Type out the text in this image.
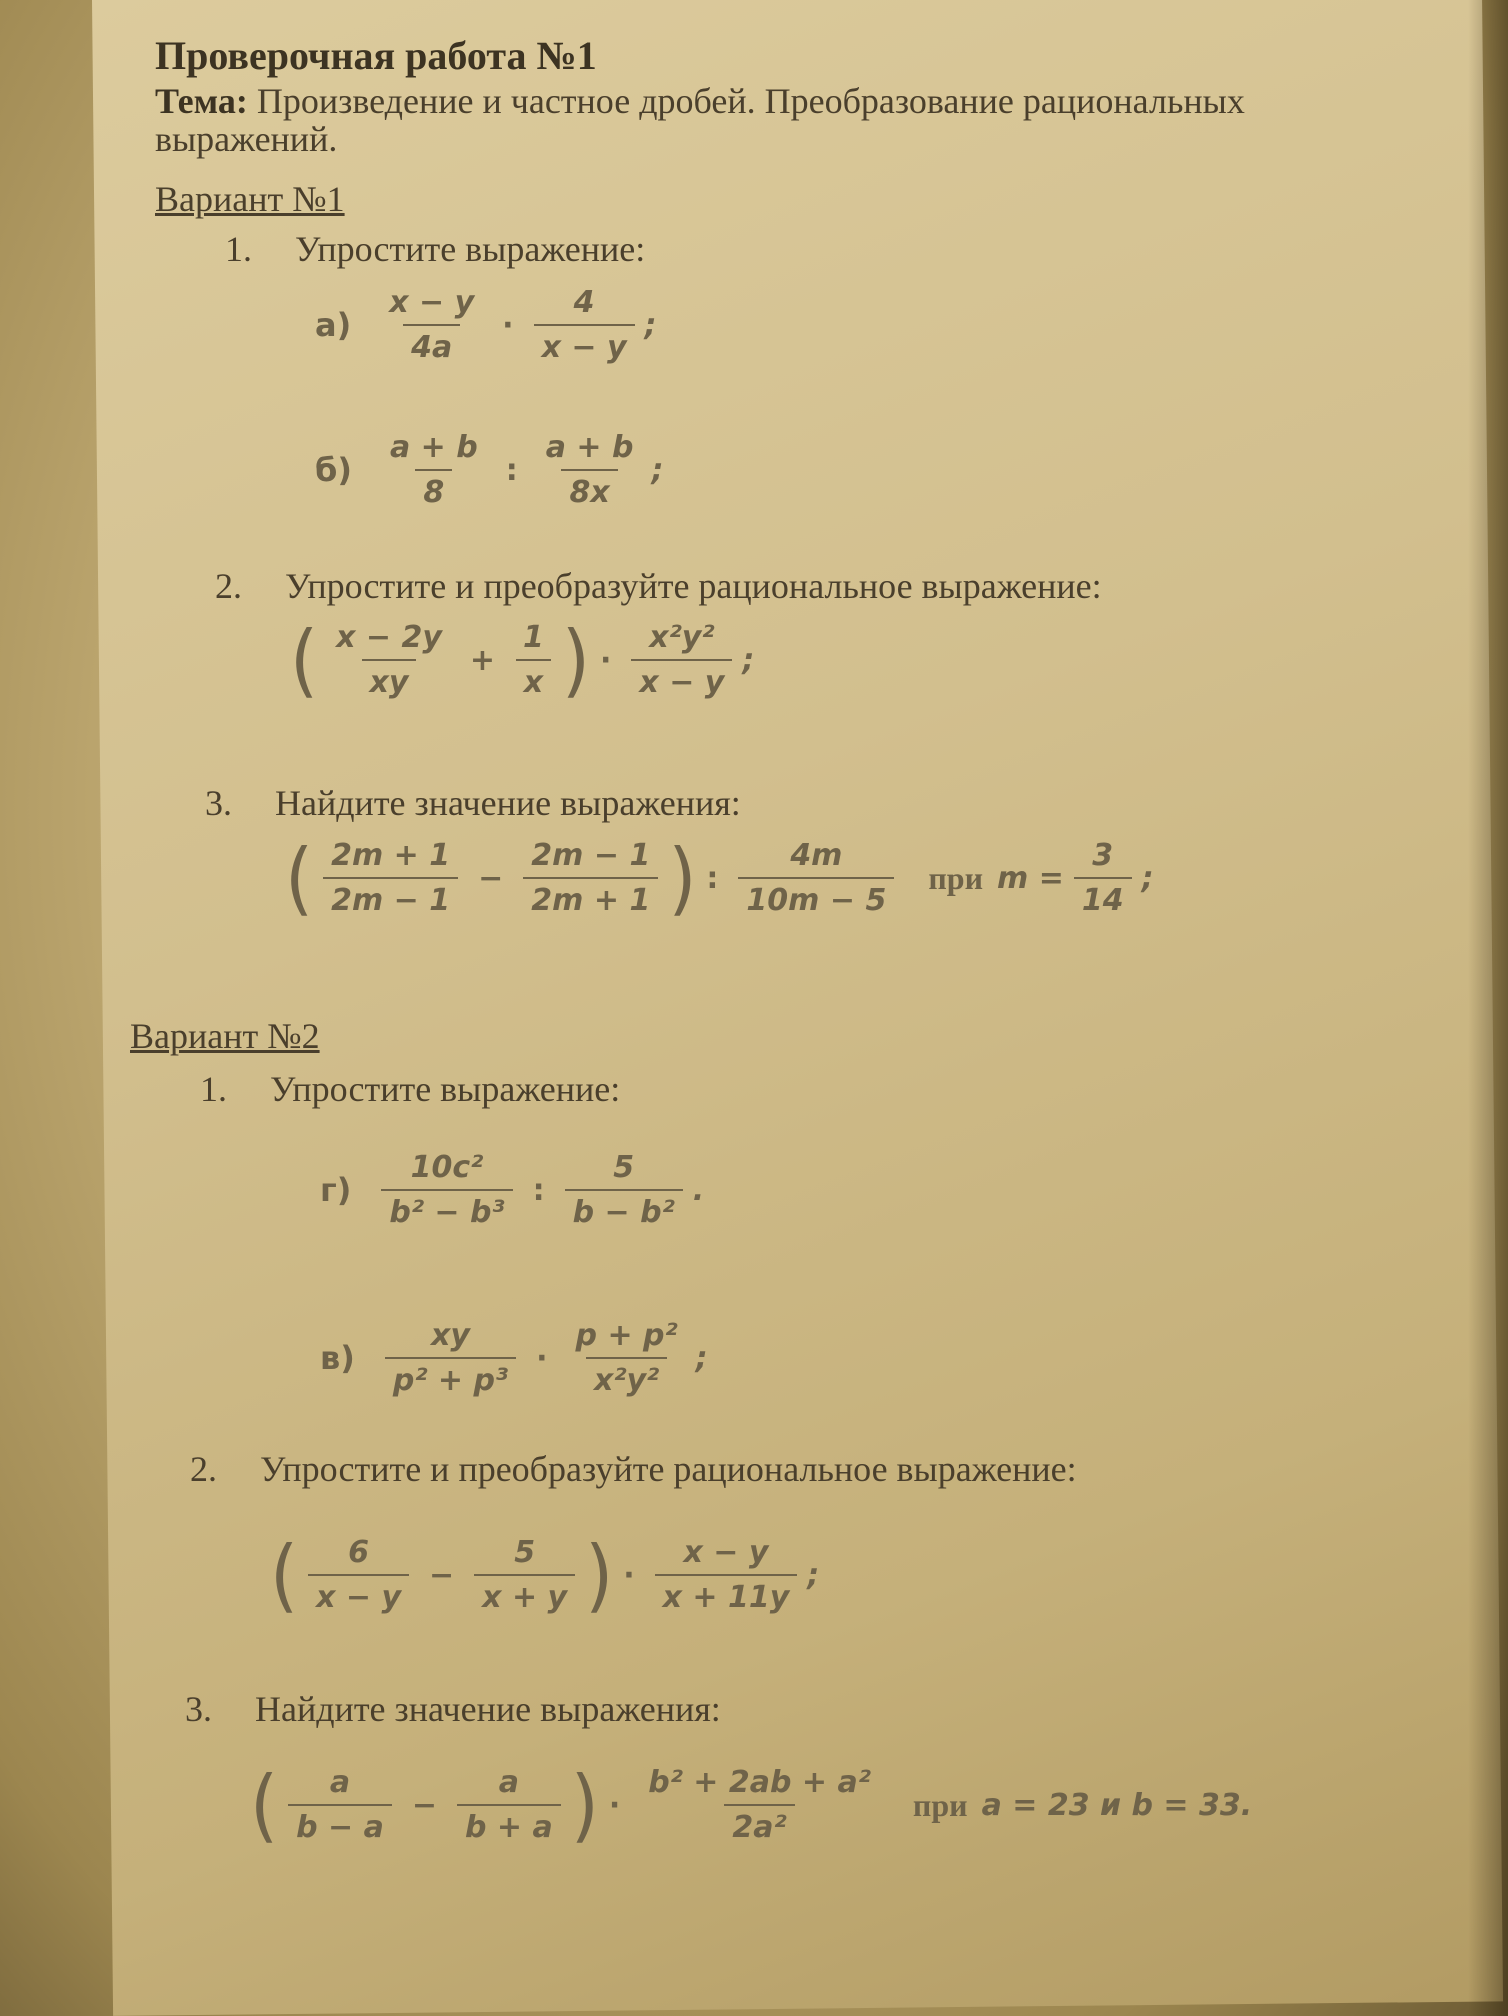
Проверочная работа №1
Тема: Произведение и частное дробей. Преобразование рациональных выражений.
Вариант №1
1. Упростите выражение:
$а) \frac{x - y}{4a} \cdot \frac{4}{x - y}$ ;
$б) \frac{a + b}{8}$ : $\frac{a + b}{8x}$ ;
2. Упростите и преобразуйте рациональное выражение:
( $\frac{x - 2y}{xy} + \frac{1}{x}$ ) · $\frac{\text{x²y²}}{x - y}$ ;
3. Найдите значение выражения:
( $\frac{2m + 1}{2m - 1} - \frac{2m - 1}{2m + 1}$ ) : $\frac{4m}{10m - 5}$ при $m = \frac{3}{14}$ ;
Вариант №2
1. Упростите выражение:
$г) \frac{\text{10c²}}{\text{b² − b³}}$ : $\frac{5}{\text{b − b²}}$ .
$в) \frac{xy}{\text{p² + p³}} \cdot \frac{\text{p + p²}}{\text{x²y²}}$ ;
2. Упростите и преобразуйте рациональное выражение:
( $\frac{6}{x - y} - \frac{5}{x + y}$ ) · $\frac{x - y}{x + 11y}$ ;
3. Найдите значение выражения:
( $\frac{a}{b - a} - \frac{a}{b + a}$ ) · $\frac{\text{b² + 2ab + a²}}{\text{2a²}}$ при a = 23 и b = 33.
